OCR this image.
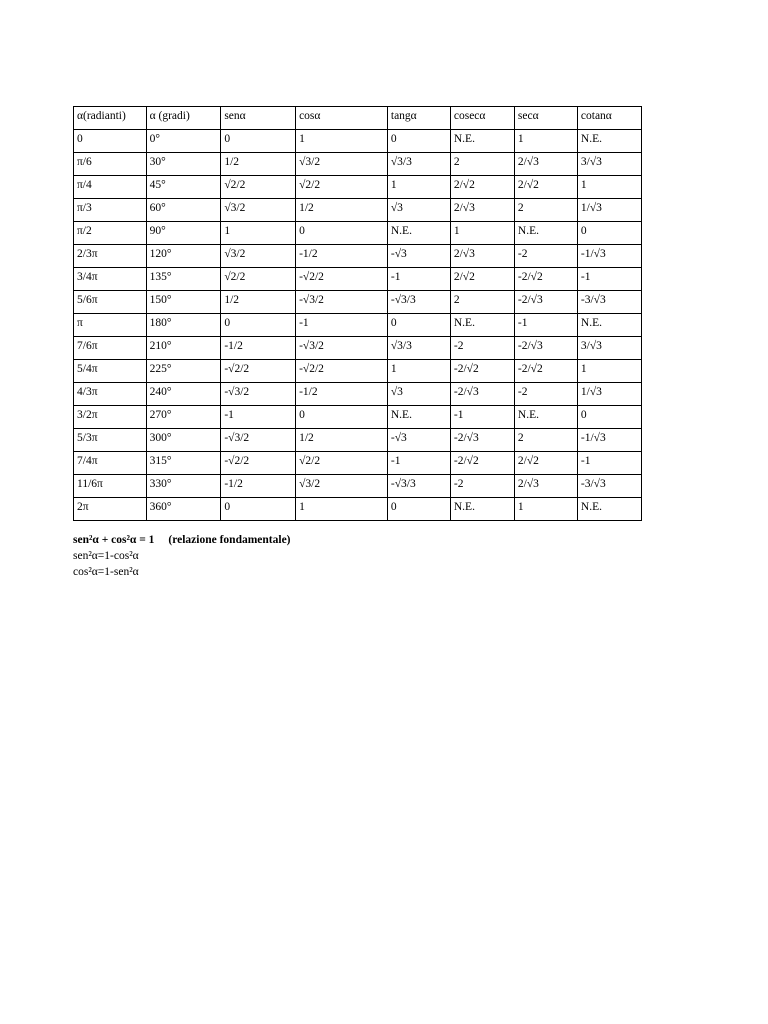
α(radianti)	α (gradi)	senα	cosα	tangα	cosecα	secα	cotanα
0	0°	0	1	0	N.E.	1	N.E.
π/6	30°	1/2	√3/2	√3/3	2	2/√3	3/√3
π/4	45°	√2/2	√2/2	1	2/√2	2/√2	1
π/3	60°	√3/2	1/2	√3	2/√3	2	1/√3
π/2	90°	1	0	N.E.	1	N.E.	0
2/3π	120°	√3/2	-1/2	-√3	2/√3	-2	-1/√3
3/4π	135°	√2/2	-√2/2	-1	2/√2	-2/√2	-1
5/6π	150°	1/2	-√3/2	-√3/3	2	-2/√3	-3/√3
π	180°	0	-1	0	N.E.	-1	N.E.
7/6π	210°	-1/2	-√3/2	√3/3	-2	-2/√3	3/√3
5/4π	225°	-√2/2	-√2/2	1	-2/√2	-2/√2	1
4/3π	240°	-√3/2	-1/2	√3	-2/√3	-2	1/√3
3/2π	270°	-1	0	N.E.	-1	N.E.	0
5/3π	300°	-√3/2	1/2	-√3	-2/√3	2	-1/√3
7/4π	315°	-√2/2	√2/2	-1	-2/√2	2/√2	-1
11/6π	330°	-1/2	√3/2	-√3/3	-2	2/√3	-3/√3
2π	360°	0	1	0	N.E.	1	N.E.
sen²α + cos²α = 1 (relazione fondamentale)
sen²α=1-cos²α
cos²α=1-sen²α
